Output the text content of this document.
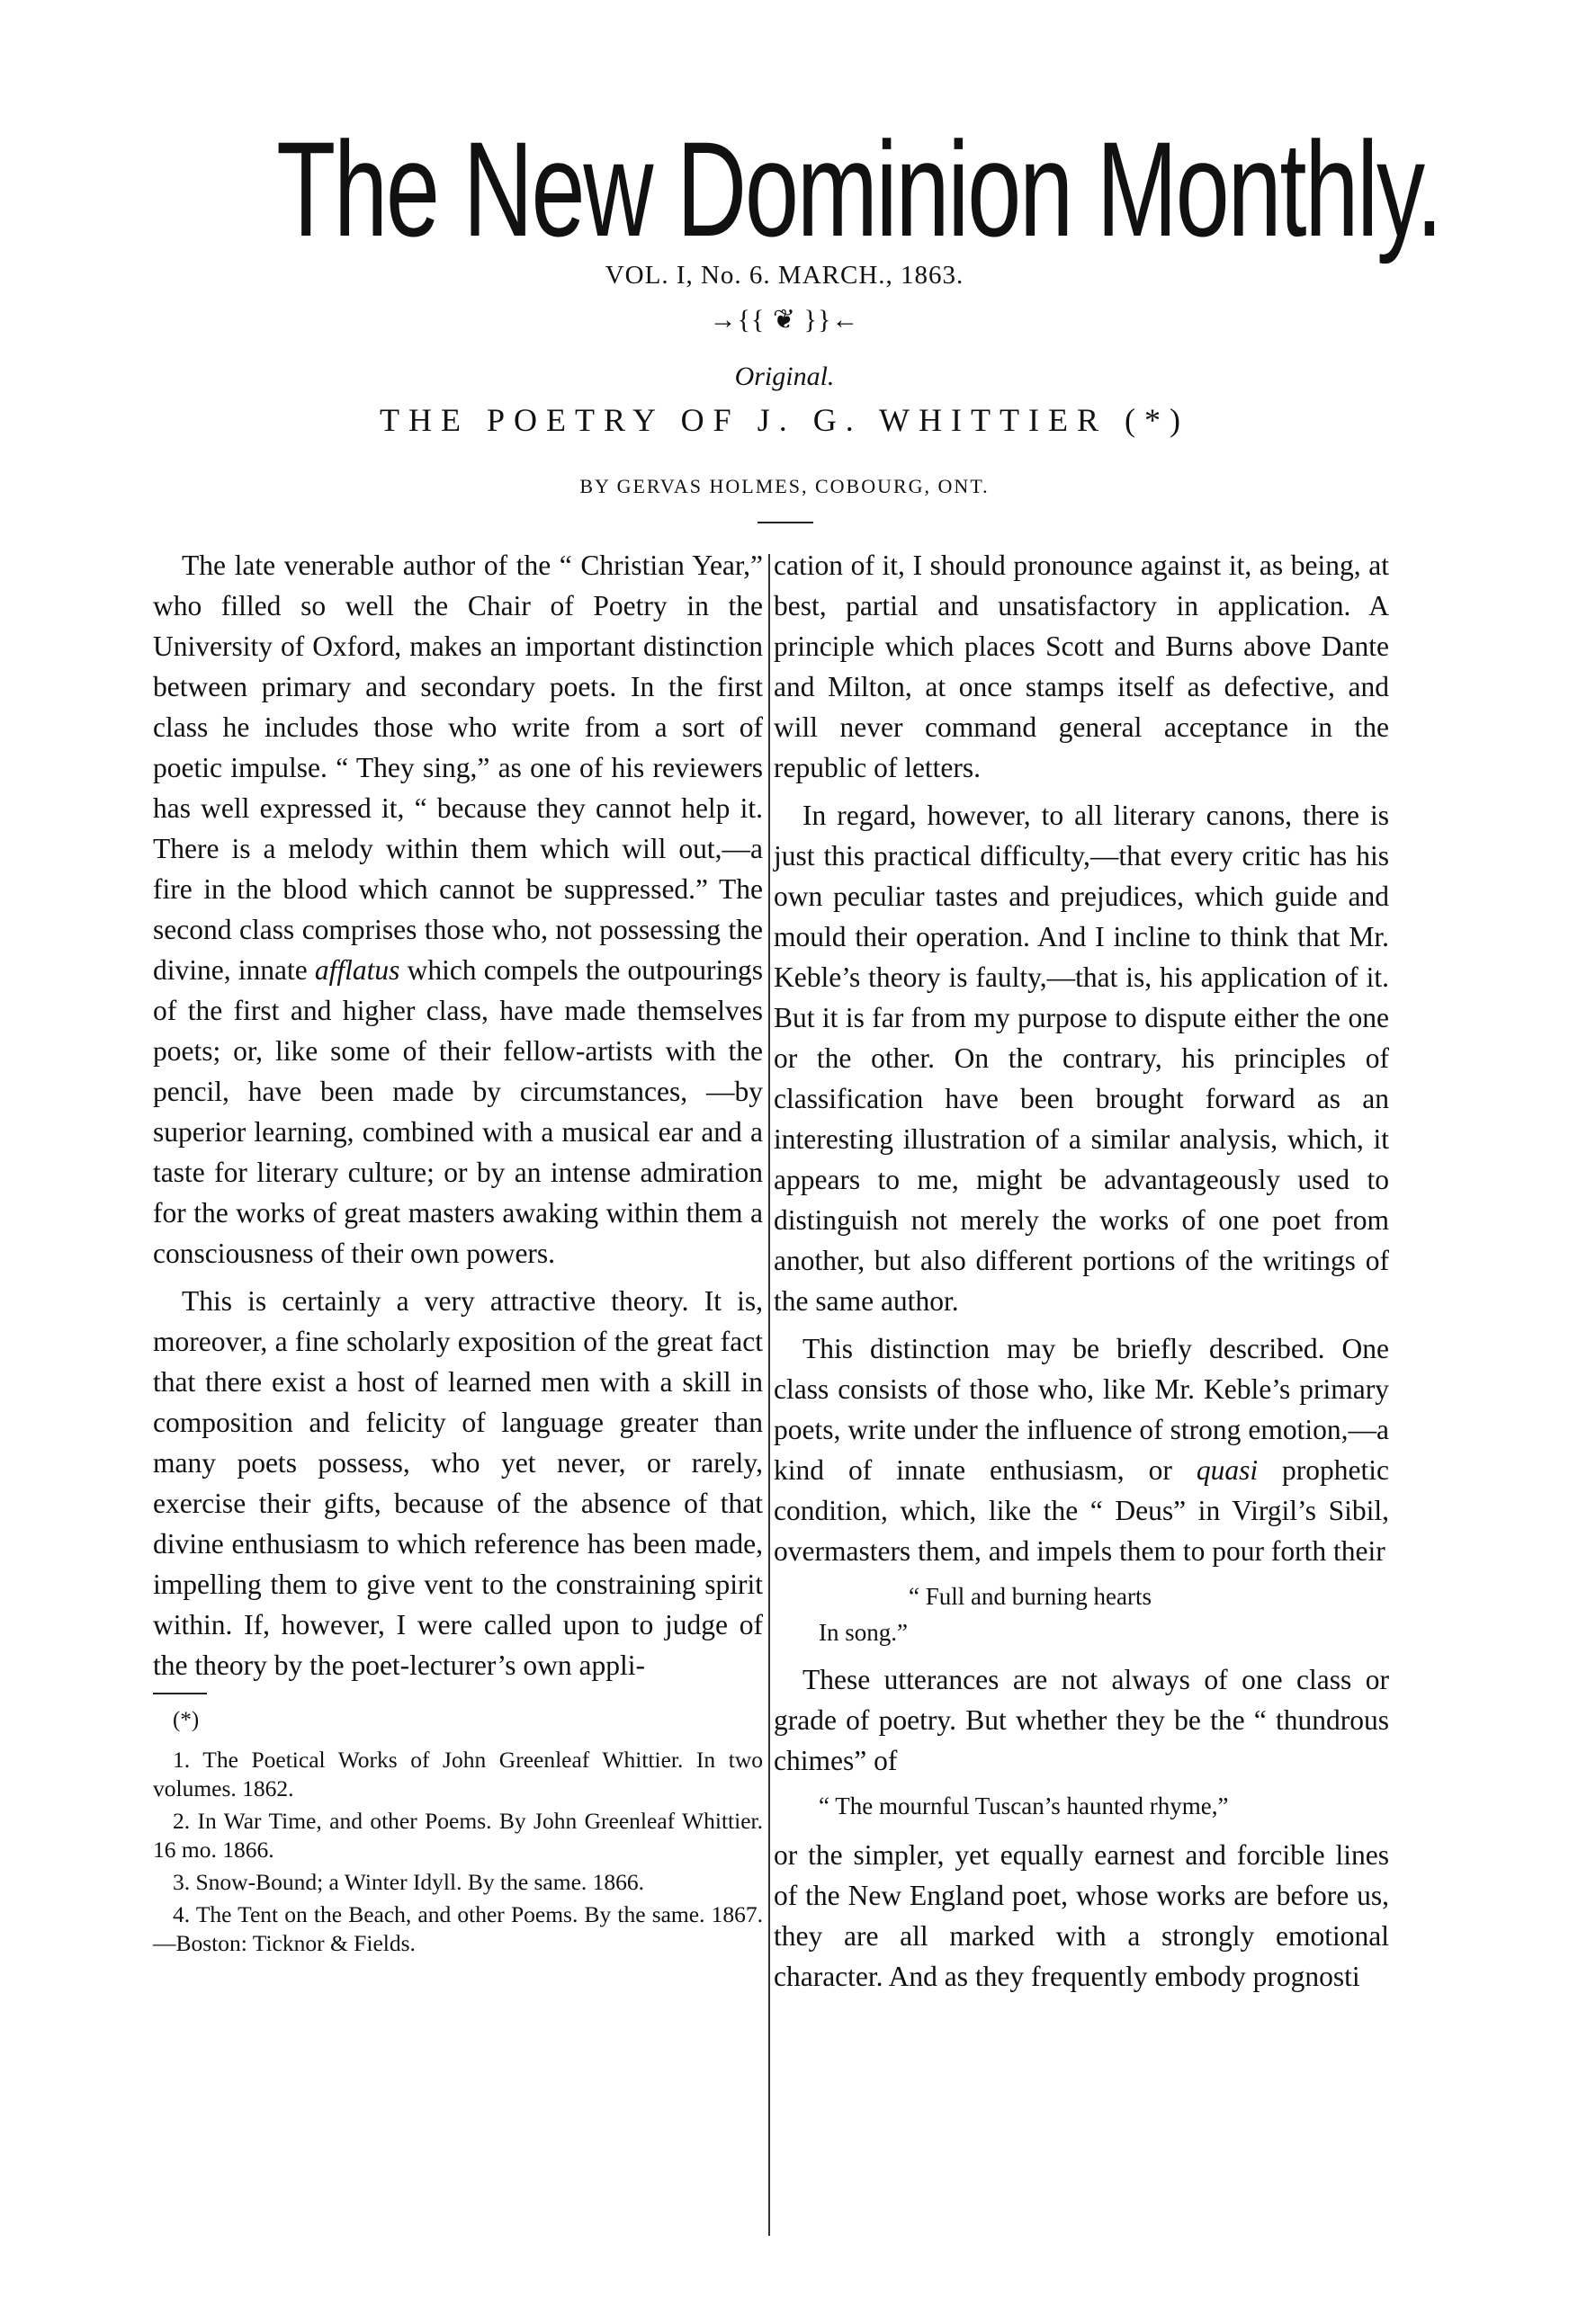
The New Dominion Monthly.
VOL. I, No. 6. MARCH., 1863.
→{{ ❦ }}←
Original.
THE POETRY OF J. G. WHITTIER (*)
BY GERVAS HOLMES, COBOURG, ONT.

The late venerable author of the “ Christian Year,” who filled so well the Chair of Poetry in the University of Oxford, makes an important distinction between primary and secondary poets. In the first class he includes those who write from a sort of poetic impulse. “ They sing,” as one of his reviewers has well expressed it, “ because they cannot help it. There is a melody within them which will out,—a fire in the blood which cannot be suppressed.” The second class comprises those who, not possessing the divine, innate afflatus which compels the outpourings of the first and higher class, have made themselves poets; or, like some of their fellow-artists with the pencil, have been made by circumstances, —by superior learning, combined with a musical ear and a taste for literary culture; or by an intense admiration for the works of great masters awaking within them a consciousness of their own powers.

This is certainly a very attractive theory. It is, moreover, a fine scholarly exposition of the great fact that there exist a host of learned men with a skill in composition and felicity of language greater than many poets possess, who yet never, or rarely, exercise their gifts, because of the absence of that divine enthusiasm to which reference has been made, impelling them to give vent to the constraining spirit within. If, however, I were called upon to judge of the theory by the poet-lecturer’s own appli-

(*)
1. The Poetical Works of John Greenleaf Whittier. In two volumes. 1862.
2. In War Time, and other Poems. By John Greenleaf Whittier. 16 mo. 1866.
3. Snow-Bound; a Winter Idyll. By the same. 1866.
4. The Tent on the Beach, and other Poems. By the same. 1867.—Boston: Ticknor & Fields.

cation of it, I should pronounce against it, as being, at best, partial and unsatisfactory in application. A principle which places Scott and Burns above Dante and Milton, at once stamps itself as defective, and will never command general acceptance in the republic of letters.

In regard, however, to all literary canons, there is just this practical difficulty,—that every critic has his own peculiar tastes and prejudices, which guide and mould their operation. And I incline to think that Mr. Keble’s theory is faulty,—that is, his application of it. But it is far from my purpose to dispute either the one or the other. On the contrary, his principles of classification have been brought forward as an interesting illustration of a similar analysis, which, it appears to me, might be advantageously used to distinguish not merely the works of one poet from another, but also different portions of the writings of the same author.

This distinction may be briefly described. One class consists of those who, like Mr. Keble’s primary poets, write under the influence of strong emotion,—a kind of innate enthusiasm, or quasi prophetic condition, which, like the “ Deus” in Virgil’s Sibil, overmasters them, and impels them to pour forth their

“ Full and burning hearts
In song.”

These utterances are not always of one class or grade of poetry. But whether they be the “ thundrous chimes” of

“ The mournful Tuscan’s haunted rhyme,”

or the simpler, yet equally earnest and forcible lines of the New England poet, whose works are before us, they are all marked with a strongly emotional character. And as they frequently embody prognosti
